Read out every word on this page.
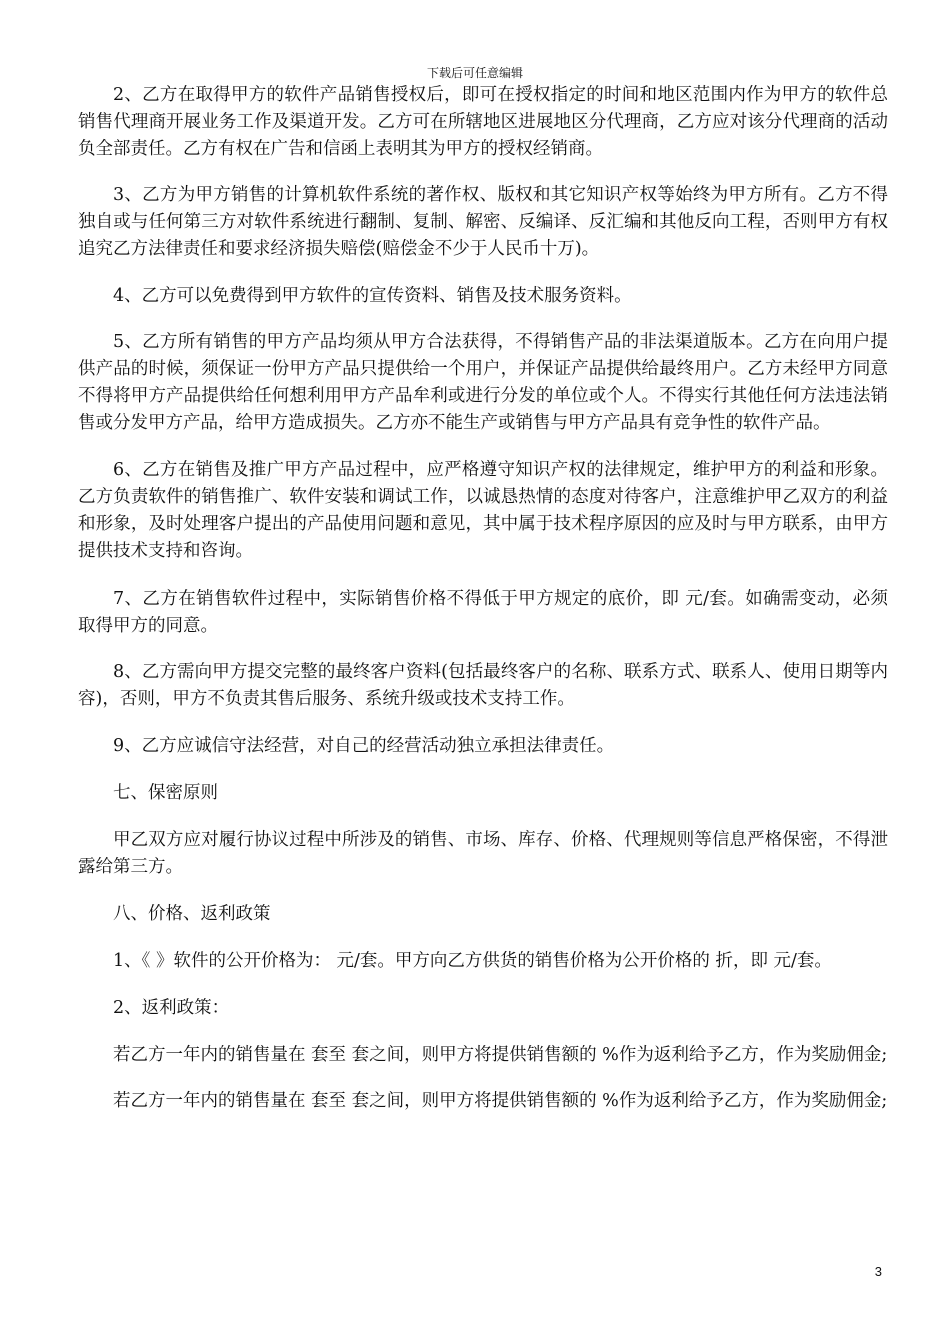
下载后可任意编辑

2、乙方在取得甲方的软件产品销售授权后，即可在授权指定的时间和地区范围内作为甲方的软件总销售代理商开展业务工作及渠道开发。乙方可在所辖地区进展地区分代理商，乙方应对该分代理商的活动负全部责任。乙方有权在广告和信函上表明其为甲方的授权经销商。

3、乙方为甲方销售的计算机软件系统的著作权、版权和其它知识产权等始终为甲方所有。乙方不得独自或与任何第三方对软件系统进行翻制、复制、解密、反编译、反汇编和其他反向工程，否则甲方有权追究乙方法律责任和要求经济损失赔偿(赔偿金不少于人民币十万)。

4、乙方可以免费得到甲方软件的宣传资料、销售及技术服务资料。

5、乙方所有销售的甲方产品均须从甲方合法获得，不得销售产品的非法渠道版本。乙方在向用户提供产品的时候，须保证一份甲方产品只提供给一个用户，并保证产品提供给最终用户。乙方未经甲方同意不得将甲方产品提供给任何想利用甲方产品牟利或进行分发的单位或个人。不得实行其他任何方法违法销售或分发甲方产品，给甲方造成损失。乙方亦不能生产或销售与甲方产品具有竞争性的软件产品。

6、乙方在销售及推广甲方产品过程中，应严格遵守知识产权的法律规定，维护甲方的利益和形象。乙方负责软件的销售推广、软件安装和调试工作，以诚恳热情的态度对待客户，注意维护甲乙双方的利益和形象，及时处理客户提出的产品使用问题和意见，其中属于技术程序原因的应及时与甲方联系，由甲方提供技术支持和咨询。

7、乙方在销售软件过程中，实际销售价格不得低于甲方规定的底价，即 元/套。如确需变动，必须取得甲方的同意。

8、乙方需向甲方提交完整的最终客户资料(包括最终客户的名称、联系方式、联系人、使用日期等内容)，否则，甲方不负责其售后服务、系统升级或技术支持工作。

9、乙方应诚信守法经营，对自己的经营活动独立承担法律责任。

七、保密原则

甲乙双方应对履行协议过程中所涉及的销售、市场、库存、价格、代理规则等信息严格保密，不得泄露给第三方。

八、价格、返利政策

1、《 》软件的公开价格为： 元/套。甲方向乙方供货的销售价格为公开价格的 折，即 元/套。

2、返利政策：

若乙方一年内的销售量在 套至 套之间，则甲方将提供销售额的 %作为返利给予乙方，作为奖励佣金;

若乙方一年内的销售量在 套至 套之间，则甲方将提供销售额的 %作为返利给予乙方，作为奖励佣金;

3
